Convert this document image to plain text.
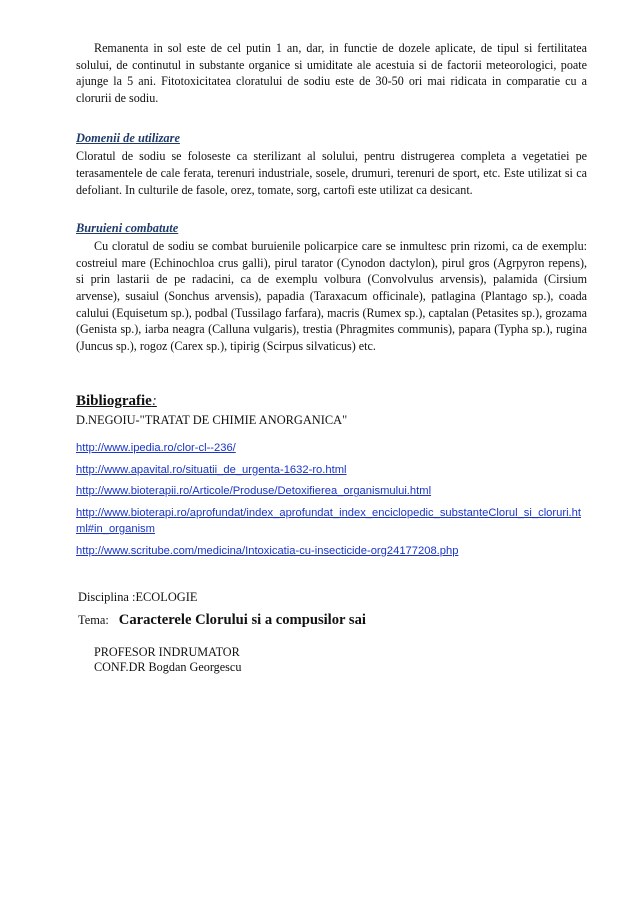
Remanenta in sol este de cel putin 1 an, dar, in functie de dozele aplicate, de tipul si fertilitatea solului, de continutul in substante organice si umiditate ale acestuia si de factorii meteorologici, poate ajunge la 5 ani. Fitotoxicitatea cloratului de sodiu este de 30-50 ori mai ridicata in comparatie cu a clorurii de sodiu.

Domenii de utilizare

Cloratul de sodiu se foloseste ca sterilizant al solului, pentru distrugerea completa a vegetatiei pe terasamentele de cale ferata, terenuri industriale, sosele, drumuri, terenuri de sport, etc. Este utilizat si ca defoliant. In culturile de fasole, orez, tomate, sorg, cartofi este utilizat ca desicant.

Buruieni combatute

Cu cloratul de sodiu se combat buruienile policarpice care se inmultesc prin rizomi, ca de exemplu: costreiul mare (Echinochloa crus galli), pirul tarator (Cynodon dactylon), pirul gros (Agrpyron repens), si prin lastarii de pe radacini, ca de exemplu volbura (Convolvulus arvensis), palamida (Cirsium arvense), susaiul (Sonchus arvensis), papadia (Taraxacum officinale), patlagina (Plantago sp.), coada calului (Equisetum sp.), podbal (Tussilago farfara), macris (Rumex sp.), captalan (Petasites sp.), grozama (Genista sp.), iarba neagra (Calluna vulgaris), trestia (Phragmites communis), papara (Typha sp.), rugina (Juncus sp.), rogoz (Carex sp.), tipirig (Scirpus silvaticus) etc.

Bibliografie:

D.NEGOIU-"TRATAT DE CHIMIE ANORGANICA"

http://www.ipedia.ro/clor-cl--236/
http://www.apavital.ro/situatii_de_urgenta-1632-ro.html
http://www.bioterapii.ro/Articole/Produse/Detoxifierea_organismului.html
http://www.bioterapi.ro/aprofundat/index_aprofundat_index_enciclopedic_substanteClorul_si_cloruri.html#in_organism
http://www.scritube.com/medicina/Intoxicatia-cu-insecticide-org24177208.php

Disciplina :ECOLOGIE

Tema: Caracterele Clorului si a compusilor sai

PROFESOR INDRUMATOR

CONF.DR Bogdan Georgescu
